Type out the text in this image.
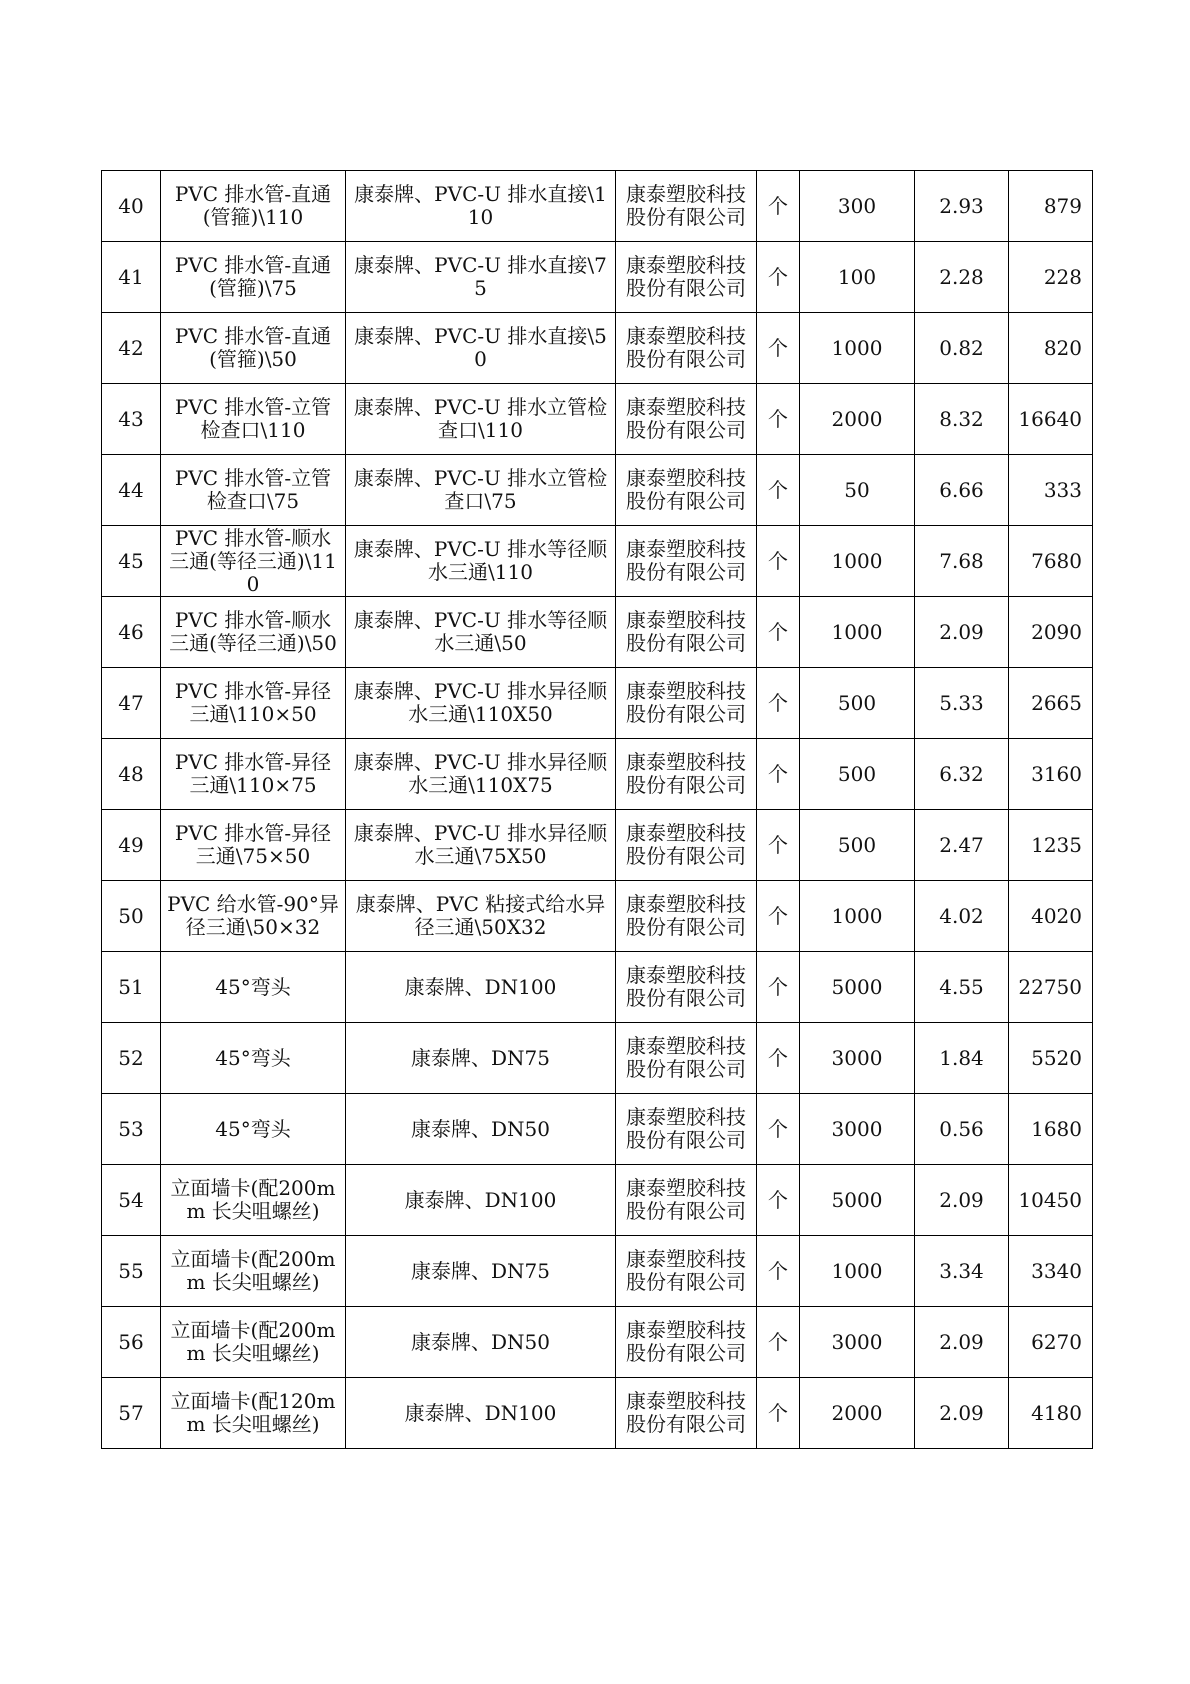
40	PVC 排水管-直通(管箍)\110	康泰牌、PVC-U 排水直接\110	康泰塑胶科技股份有限公司	个	300	2.93	879
41	PVC 排水管-直通(管箍)\75	康泰牌、PVC-U 排水直接\75	康泰塑胶科技股份有限公司	个	100	2.28	228
42	PVC 排水管-直通(管箍)\50	康泰牌、PVC-U 排水直接\50	康泰塑胶科技股份有限公司	个	1000	0.82	820
43	PVC 排水管-立管检查口\110	康泰牌、PVC-U 排水立管检查口\110	康泰塑胶科技股份有限公司	个	2000	8.32	16640
44	PVC 排水管-立管检查口\75	康泰牌、PVC-U 排水立管检查口\75	康泰塑胶科技股份有限公司	个	50	6.66	333
45	PVC 排水管-顺水三通(等径三通)\110	康泰牌、PVC-U 排水等径顺水三通\110	康泰塑胶科技股份有限公司	个	1000	7.68	7680
46	PVC 排水管-顺水三通(等径三通)\50	康泰牌、PVC-U 排水等径顺水三通\50	康泰塑胶科技股份有限公司	个	1000	2.09	2090
47	PVC 排水管-异径三通\110×50	康泰牌、PVC-U 排水异径顺水三通\110X50	康泰塑胶科技股份有限公司	个	500	5.33	2665
48	PVC 排水管-异径三通\110×75	康泰牌、PVC-U 排水异径顺水三通\110X75	康泰塑胶科技股份有限公司	个	500	6.32	3160
49	PVC 排水管-异径三通\75×50	康泰牌、PVC-U 排水异径顺水三通\75X50	康泰塑胶科技股份有限公司	个	500	2.47	1235
50	PVC 给水管-90°异径三通\50×32	康泰牌、PVC 粘接式给水异径三通\50X32	康泰塑胶科技股份有限公司	个	1000	4.02	4020
51	45°弯头	康泰牌、DN100	康泰塑胶科技股份有限公司	个	5000	4.55	22750
52	45°弯头	康泰牌、DN75	康泰塑胶科技股份有限公司	个	3000	1.84	5520
53	45°弯头	康泰牌、DN50	康泰塑胶科技股份有限公司	个	3000	0.56	1680
54	立面墙卡(配200mm 长尖咀螺丝)	康泰牌、DN100	康泰塑胶科技股份有限公司	个	5000	2.09	10450
55	立面墙卡(配200mm 长尖咀螺丝)	康泰牌、DN75	康泰塑胶科技股份有限公司	个	1000	3.34	3340
56	立面墙卡(配200mm 长尖咀螺丝)	康泰牌、DN50	康泰塑胶科技股份有限公司	个	3000	2.09	6270
57	立面墙卡(配120mm 长尖咀螺丝)	康泰牌、DN100	康泰塑胶科技股份有限公司	个	2000	2.09	4180
